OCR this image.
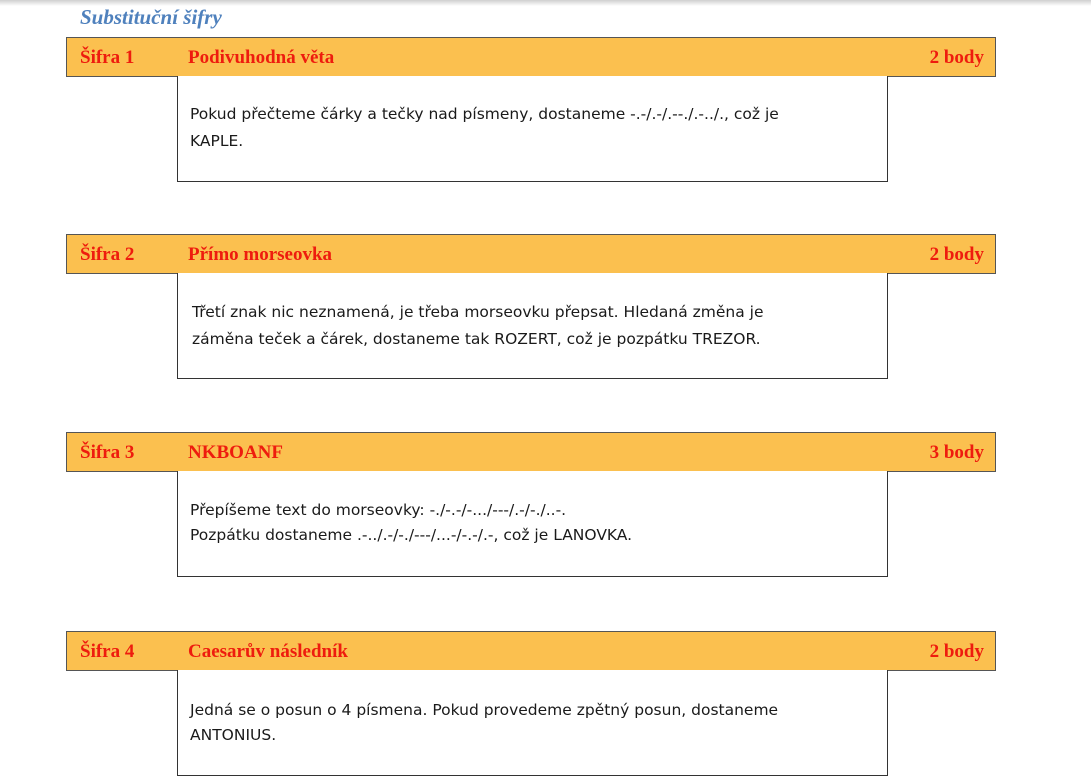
Substituční šifry
Šifra 1	Podivuhodná věta	2 body

Pokud přečteme čárky a tečky nad písmeny, dostaneme -.-/.-/.--./.-../., což je
KAPLE.

Šifra 2	Přímo morseovka	2 body

Třetí znak nic neznamená, je třeba morseovku přepsat. Hledaná změna je
záměna teček a čárek, dostaneme tak ROZERT, což je pozpátku TREZOR.

Šifra 3	NKBOANF	3 body

Přepíšeme text do morseovky: -./-.-/-.../---/.-/-./..-.
Pozpátku dostaneme .-../.-/-./---/...-/-.-/.-, což je LANOVKA.

Šifra 4	Caesarův následník	2 body

Jedná se o posun o 4 písmena. Pokud provedeme zpětný posun, dostaneme
ANTONIUS.
